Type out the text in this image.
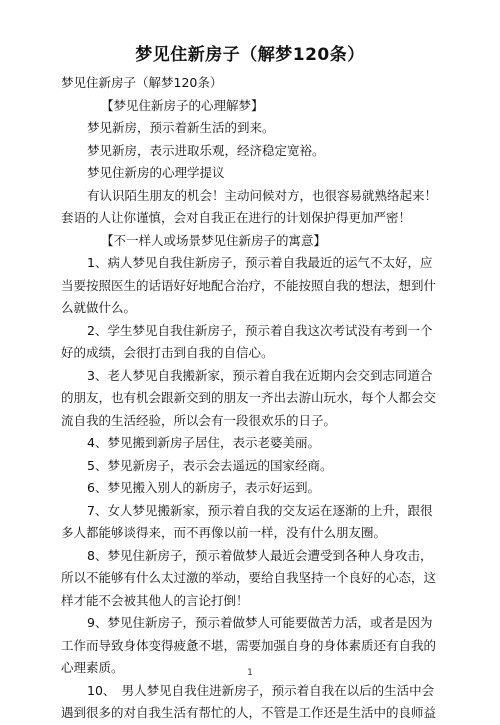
梦见住新房子（解梦120条）

梦见住新房子（解梦120条）

【梦见住新房子的心理解梦】

梦见新房，预示着新生活的到来。

梦见新房，表示进取乐观，经济稳定宽裕。

梦见住新房的心理学提议

有认识陌生朋友的机会！主动问候对方，也很容易就熟络起来！套语的人让你谨慎，会对自我正在进行的计划保护得更加严密！

【不一样人或场景梦见住新房子的寓意】

1、病人梦见自我住新房子，预示着自我最近的运气不太好，应当要按照医生的话语好好地配合治疗，不能按照自我的想法，想到什么就做什么。

2、学生梦见自我住新房子，预示着自我这次考试没有考到一个好的成绩，会很打击到自我的自信心。

3、老人梦见自我搬新家，预示着自我在近期内会交到志同道合的朋友，也有机会跟新交到的朋友一齐出去游山玩水，每个人都会交流自我的生活经验，所以会有一段很欢乐的日子。

4、梦见搬到新房子居住，表示老婆美丽。

5、梦见新房子，表示会去遥远的国家经商。

6、梦见搬入别人的新房子，表示好运到。

7、女人梦见搬新家，预示着自我的交友运在逐渐的上升，跟很多人都能够谈得来，而不再像以前一样，没有什么朋友圈。

8、梦见住新房子，预示着做梦人最近会遭受到各种人身攻击，所以不能够有什么太过激的举动，要给自我坚持一个良好的心态，这样才能不会被其他人的言论打倒！

9、梦见住新房子，预示着做梦人可能要做苦力活，或者是因为工作而导致身体变得疲惫不堪，需要加强自身的身体素质还有自我的心理素质。

10、　男人梦见自我住进新房子，预示着自我在以后的生活中会遇到很多的对自我生活有帮忙的人，不管是工作还是生活中的良师益

1
